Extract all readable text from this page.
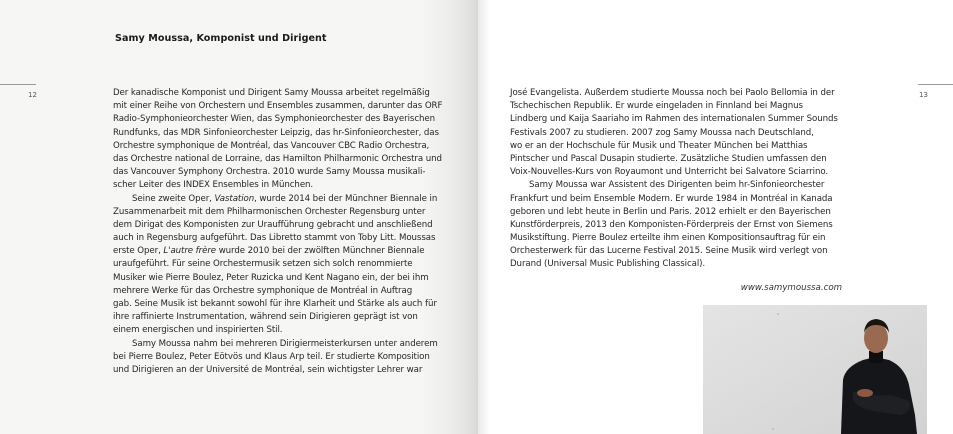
12
Samy Moussa, Komponist und Dirigent
Der kanadische Komponist und Dirigent Samy Moussa arbeitet regelmäßig
mit einer Reihe von Orchestern und Ensembles zusammen, darunter das ORF
Radio-Symphonieorchester Wien, das Symphonieorchester des Bayerischen
Rundfunks, das MDR Sinfonieorchester Leipzig, das hr-Sinfonieorchester, das
Orchestre symphonique de Montréal, das Vancouver CBC Radio Orchestra,
das Orchestre national de Lorraine, das Hamilton Philharmonic Orchestra und
das Vancouver Symphony Orchestra. 2010 wurde Samy Moussa musikali-
scher Leiter des INDEX Ensembles in München.
Seine zweite Oper, Vastation, wurde 2014 bei der Münchner Biennale in
Zusammenarbeit mit dem Philharmonischen Orchester Regensburg unter
dem Dirigat des Komponisten zur Uraufführung gebracht und anschließend
auch in Regensburg aufgeführt. Das Libretto stammt von Toby Litt. Moussas
erste Oper, L'autre frère wurde 2010 bei der zwölften Münchner Biennale
uraufgeführt. Für seine Orchestermusik setzen sich solch renommierte
Musiker wie Pierre Boulez, Peter Ruzicka und Kent Nagano ein, der bei ihm
mehrere Werke für das Orchestre symphonique de Montréal in Auftrag
gab. Seine Musik ist bekannt sowohl für ihre Klarheit und Stärke als auch für
ihre raffinierte Instrumentation, während sein Dirigieren geprägt ist von
einem energischen und inspirierten Stil.
Samy Moussa nahm bei mehreren Dirigiermeisterkursen unter anderem
bei Pierre Boulez, Peter Eötvös und Klaus Arp teil. Er studierte Komposition
und Dirigieren an der Université de Montréal, sein wichtigster Lehrer war
13
José Evangelista. Außerdem studierte Moussa noch bei Paolo Bellomia in der
Tschechischen Republik. Er wurde eingeladen in Finnland bei Magnus
Lindberg und Kaija Saariaho im Rahmen des internationalen Summer Sounds
Festivals 2007 zu studieren. 2007 zog Samy Moussa nach Deutschland,
wo er an der Hochschule für Musik und Theater München bei Matthias
Pintscher und Pascal Dusapin studierte. Zusätzliche Studien umfassen den
Voix-Nouvelles-Kurs von Royaumont und Unterricht bei Salvatore Sciarrino.
Samy Moussa war Assistent des Dirigenten beim hr-Sinfonieorchester
Frankfurt und beim Ensemble Modern. Er wurde 1984 in Montréal in Kanada
geboren und lebt heute in Berlin und Paris. 2012 erhielt er den Bayerischen
Kunstförderpreis, 2013 den Komponisten-Förderpreis der Ernst von Siemens
Musikstiftung. Pierre Boulez erteilte ihm einen Kompositionsauftrag für ein
Orchesterwerk für das Lucerne Festival 2015. Seine Musik wird verlegt von
Durand (Universal Music Publishing Classical).
www.samymoussa.com
